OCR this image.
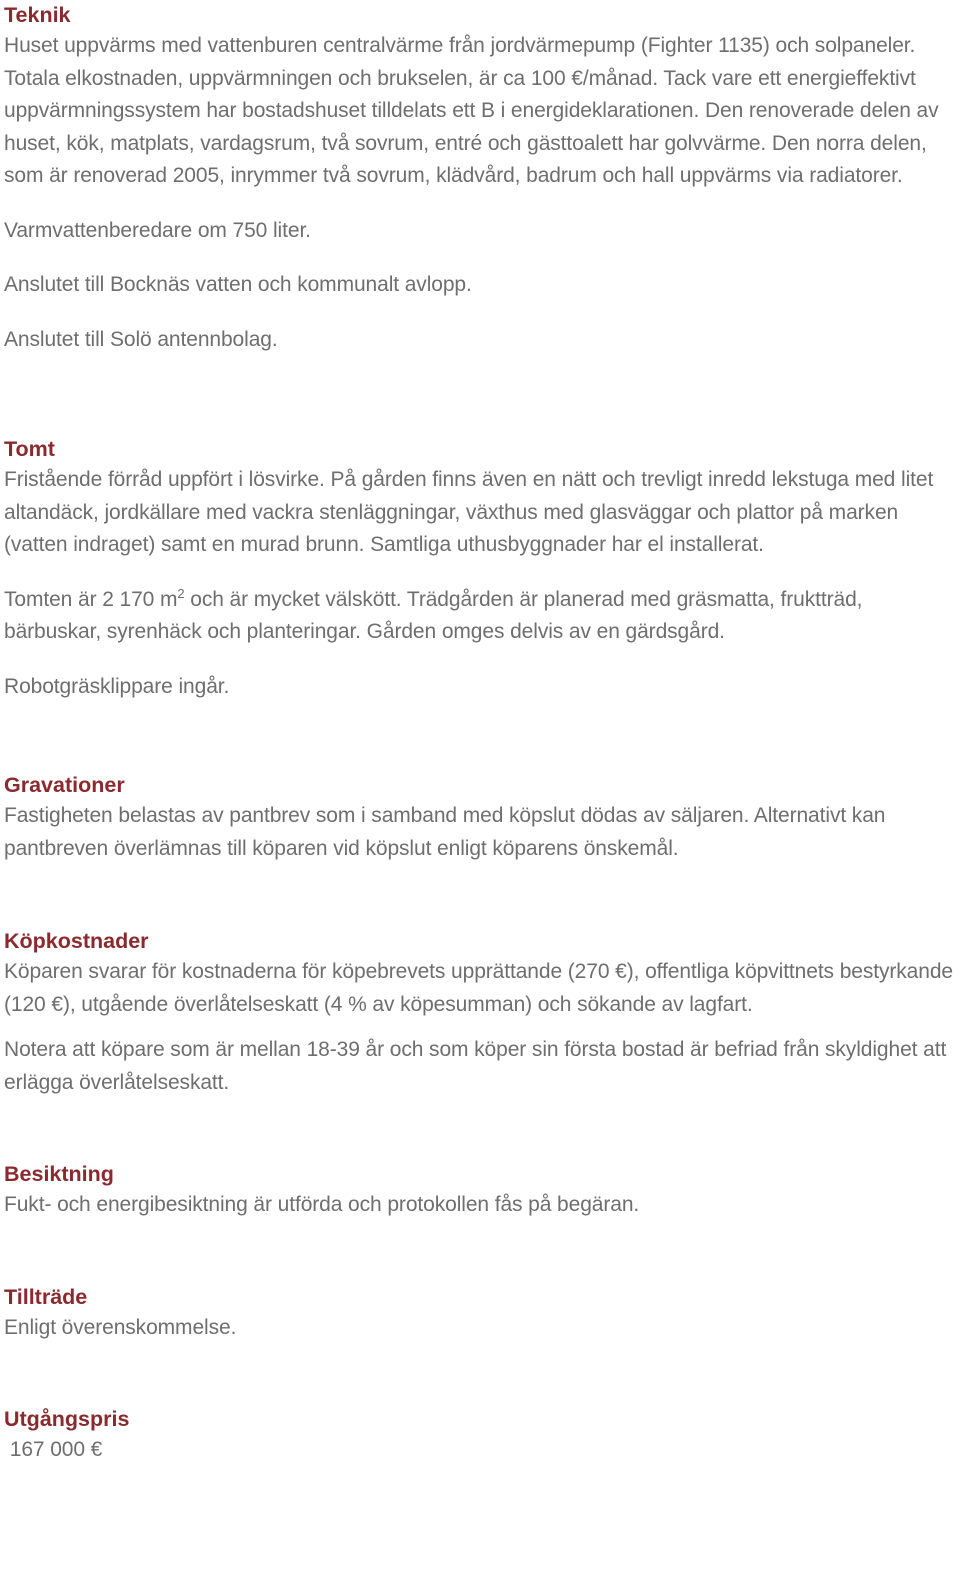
Teknik

Huset uppvärms med vattenburen centralvärme från jordvärmepump (Fighter 1135) och solpaneler. Totala elkostnaden, uppvärmningen och brukselen, är ca 100 €/månad. Tack vare ett energieffektivt uppvärmningssystem har bostadshuset tilldelats ett B i energideklarationen. Den renoverade delen av huset, kök, matplats, vardagsrum, två sovrum, entré och gästtoalett har golvvärme. Den norra delen, som är renoverad 2005, inrymmer två sovrum, klädvård, badrum och hall uppvärms via radiatorer.

Varmvattenberedare om 750 liter.

Anslutet till Bocknäs vatten och kommunalt avlopp.

Anslutet till Solö antennbolag.

Tomt

Fristående förråd uppfört i lösvirke. På gården finns även en nätt och trevligt inredd lekstuga med litet altandäck, jordkällare med vackra stenläggningar, växthus med glasväggar och plattor på marken (vatten indraget) samt en murad brunn. Samtliga uthusbyggnader har el installerat.

Tomten är 2 170 $m^2$ och är mycket välskött. Trädgården är planerad med gräsmatta, fruktträd, bärbuskar, syrenhäck och planteringar. Gården omges delvis av en gärdsgård.

Robotgräsklippare ingår.

Gravationer

Fastigheten belastas av pantbrev som i samband med köpslut dödas av säljaren. Alternativt kan pantbreven överlämnas till köparen vid köpslut enligt köparens önskemål.

Köpkostnader

Köparen svarar för kostnaderna för köpebrevets upprättande (270 €), offentliga köpvittnets bestyrkande (120 €), utgående överlåtelseskatt (4 % av köpesumman) och sökande av lagfart.

Notera att köpare som är mellan 18-39 år och som köper sin första bostad är befriad från skyldighet att erlägga överlåtelseskatt.

Besiktning

Fukt- och energibesiktning är utförda och protokollen fås på begäran.

Tillträde

Enligt överenskommelse.

Utgångspris

167 000 €
